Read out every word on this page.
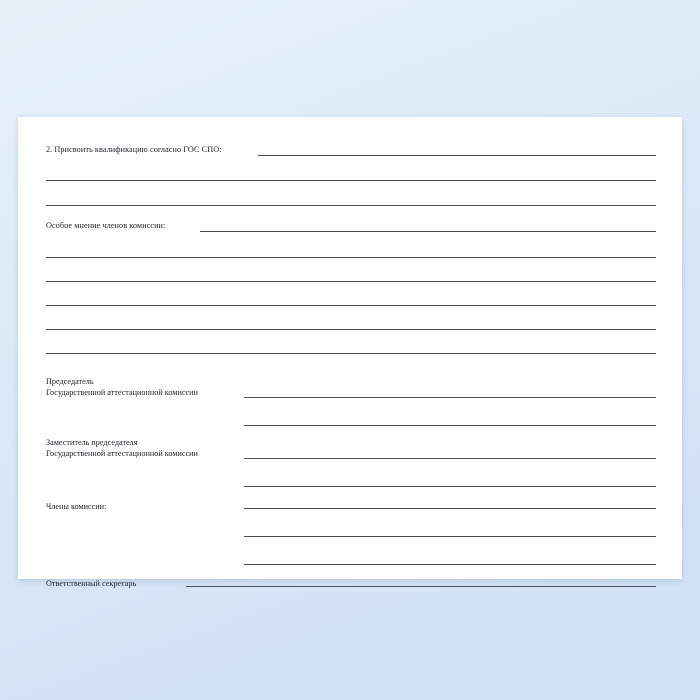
2. Присвоить квалификацию согласно ГОС СПО:
Особое мнение членов комиссии:
Председатель
Государственной аттестационной комиссии
Заместитель председателя
Государственной аттестационной комиссии
Члены комиссии:
Ответственный секретарь
